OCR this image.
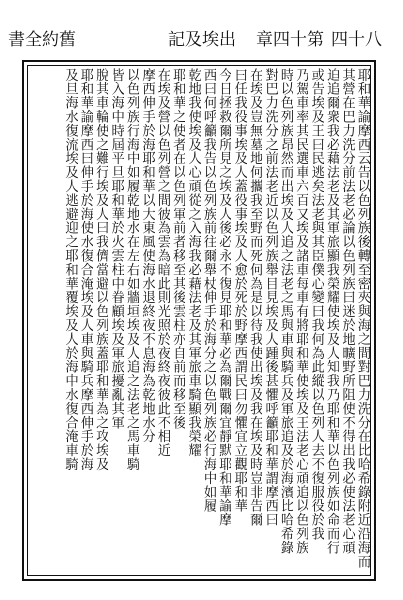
舊約全書	出埃及記	第十四章	八十四
耶和華諭摩西云告以色列族後轉至密夾與海之間對巴力洗分在比哈希錄附近沿海而
其營在巴力洗分前法老必論以色列族曰迷於地曠野所阻使不得出我必使法老心頑
迫追爾衆我必藉法老及其軍旅顯我榮耀使埃及人知我乃耶和華以色列族如命而行
或告埃及王曰民逃矣法老與其臣僕心變曰我何為此縱以色列人去不復服役於我
乃駕車率其民選車六百又埃及諸車每車有將耶和華使埃及王法老心頑追以色列族
時以色列族昂然而出埃及人追之法老之馬與車與騎兵及軍旅追及於海濱比哈希錄
對巴力洗分之前法老近以色列族舉目見埃及人踵後甚懼呼籲耶和華謂摩西曰
在埃及豈無墓地何攜我至野而死何為是以待我使出埃及我在埃及時豈非告爾
曰任我役事埃及人蓋役事埃及人愈於死於野摩西謂民曰勿懼宜立觀耶和華
今日拯救爾所見之埃及人後必永不復見耶和華必為爾戰爾宜靜默耶和華諭摩
西曰何呼籲我告以色列族前往爾舉杖伸手於海分之以色列族必行海中如履
乾地我使埃及人心頑從之入海我必藉法老及其軍旅車騎顯我榮耀
耶和華之使者在以色列軍前者移至其後雲柱亦自前而移至後
在埃及營以色列營之間彼為雲為暗此則光照於夜終夜彼此不相近
摩西伸手於海耶和華以大東風使海水退終夜不息海為乾地水分
以色列族行海中如履乾地水在左右如牆垣埃及人追之法老之馬車騎
皆入海中時屆平旦耶和華於火雲柱中眷顧埃及軍旅擾亂其軍
脫其車輪使之難行埃及人曰我儕當避以色列族蓋耶和華為之攻埃及
耶和華諭摩西曰伸手於海使水復合淹埃及人車與騎兵摩西伸手於海
及旦海水復流埃及人逃避迎之耶和華覆埃及人於海中水復合淹車騎
